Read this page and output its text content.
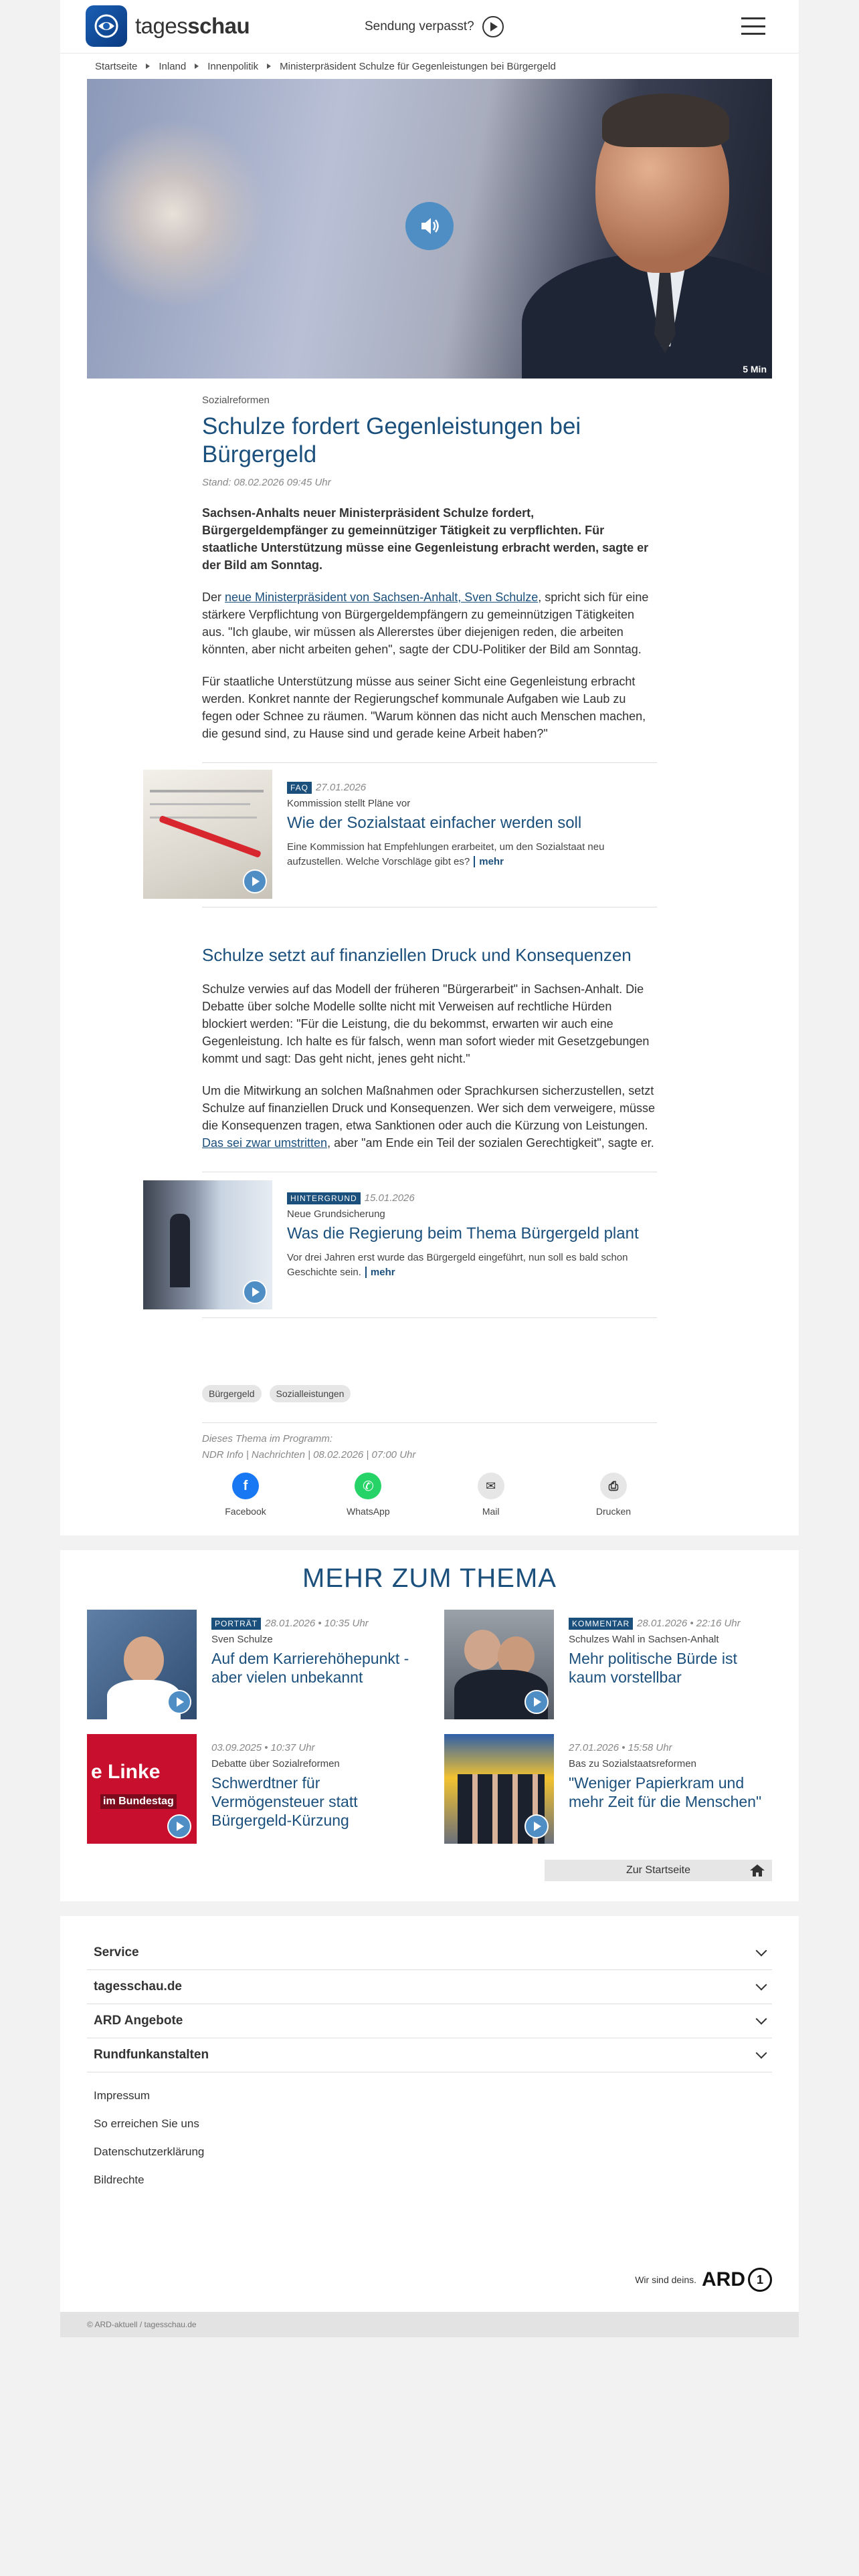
tagesschau	Sendung verpasst?
Startseite Inland Innenpolitik Ministerpräsident Schulze für Gegenleistungen bei Bürgergeld
5 Min
Sozialreformen
Schulze fordert Gegenleistungen bei Bürgergeld
Stand: 08.02.2026 09:45 Uhr
Sachsen-Anhalts neuer Ministerpräsident Schulze fordert, Bürgergeldempfänger zu gemeinnütziger Tätigkeit zu verpflichten. Für staatliche Unterstützung müsse eine Gegenleistung erbracht werden, sagte er der Bild am Sonntag.

Der neue Ministerpräsident von Sachsen-Anhalt, Sven Schulze, spricht sich für eine stärkere Verpflichtung von Bürgergeldempfängern zu gemeinnützigen Tätigkeiten aus. "Ich glaube, wir müssen als Allererstes über diejenigen reden, die arbeiten könnten, aber nicht arbeiten gehen", sagte der CDU-Politiker der Bild am Sonntag.

Für staatliche Unterstützung müsse aus seiner Sicht eine Gegenleistung erbracht werden. Konkret nannte der Regierungschef kommunale Aufgaben wie Laub zu fegen oder Schnee zu räumen. "Warum können das nicht auch Menschen machen, die gesund sind, zu Hause sind und gerade keine Arbeit haben?"

FAQ 27.01.2026
Kommission stellt Pläne vor
Wie der Sozialstaat einfacher werden soll
Eine Kommission hat Empfehlungen erarbeitet, um den Sozialstaat neu aufzustellen. Welche Vorschläge gibt es? mehr
Schulze setzt auf finanziellen Druck und Konsequenzen

Schulze verwies auf das Modell der früheren "Bürgerarbeit" in Sachsen-Anhalt. Die Debatte über solche Modelle sollte nicht mit Verweisen auf rechtliche Hürden blockiert werden: "Für die Leistung, die du bekommst, erwarten wir auch eine Gegenleistung. Ich halte es für falsch, wenn man sofort wieder mit Gesetzgebungen kommt und sagt: Das geht nicht, jenes geht nicht."

Um die Mitwirkung an solchen Maßnahmen oder Sprachkursen sicherzustellen, setzt Schulze auf finanziellen Druck und Konsequenzen. Wer sich dem verweigere, müsse die Konsequenzen tragen, etwa Sanktionen oder auch die Kürzung von Leistungen. Das sei zwar umstritten, aber "am Ende ein Teil der sozialen Gerechtigkeit", sagte er.

HINTERGRUND 15.01.2026
Neue Grundsicherung
Was die Regierung beim Thema Bürgergeld plant
Vor drei Jahren erst wurde das Bürgergeld eingeführt, nun soll es bald schon Geschichte sein. mehr
Bürgergeld	Sozialleistungen
Dieses Thema im Programm:
NDR Info | Nachrichten | 08.02.2026 | 07:00 Uhr
f
Facebook
✆
WhatsApp
✉
Mail
⎙
Drucken
MEHR ZUM THEMA
PORTRÄT 28.01.2026 • 10:35 Uhr
Sven Schulze
Auf dem Karrierehöhepunkt - aber vielen unbekannt
KOMMENTAR 28.01.2026 • 22:16 Uhr
Schulzes Wahl in Sachsen-Anhalt
Mehr politische Bürde ist kaum vorstellbar
e Linke
im Bundestag
03.09.2025 • 10:37 Uhr
Debatte über Sozialreformen
Schwerdtner für Vermögensteuer statt Bürgergeld-Kürzung
27.01.2026 • 15:58 Uhr
Bas zu Sozialstaatsreformen
"Weniger Papierkram und mehr Zeit für die Menschen"
Zur Startseite
Service
tagesschau.de
ARD Angebote
Rundfunkanstalten
Impressum
So erreichen Sie uns
Datenschutzerklärung
Bildrechte
Wir sind deins. ARD 1
© ARD-aktuell / tagesschau.de
